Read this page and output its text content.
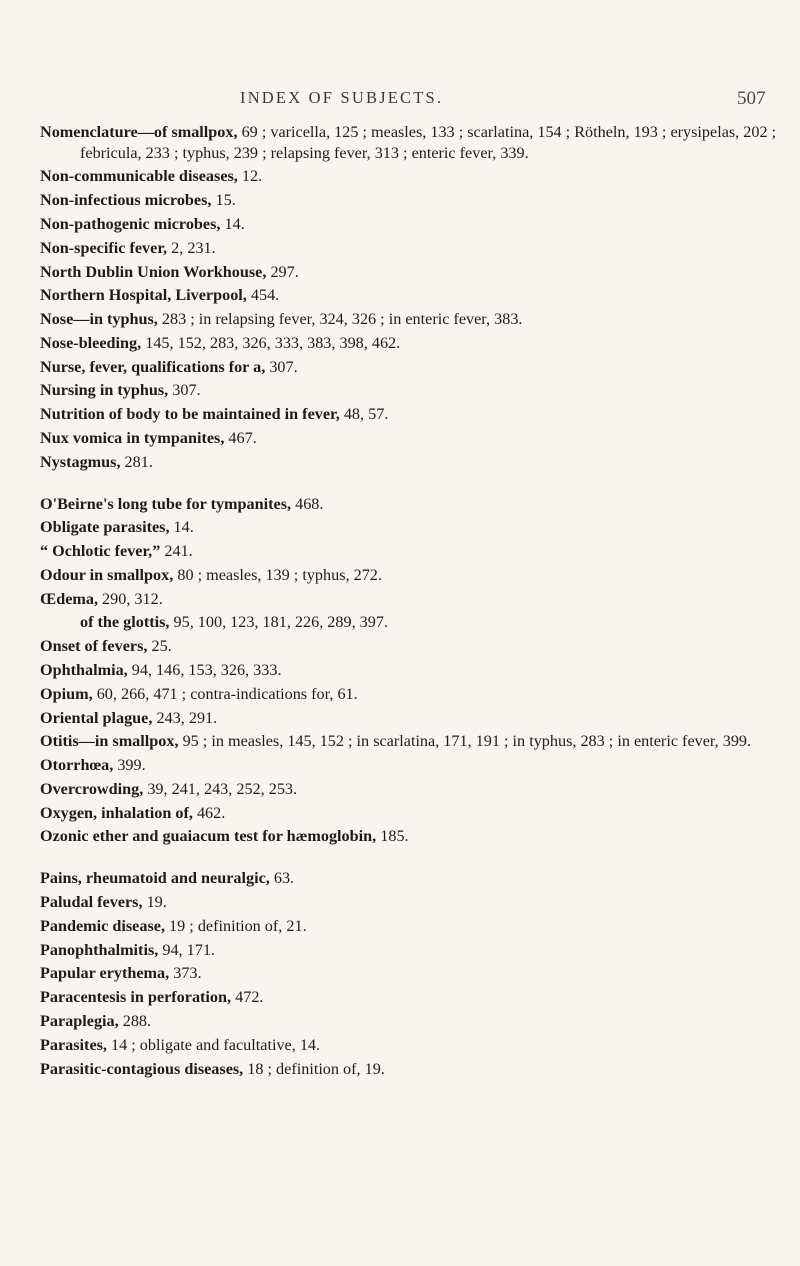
INDEX OF SUBJECTS.	507
Nomenclature—of smallpox, 69 ; varicella, 125 ; measles, 133 ; scarlatina, 154 ; Rötheln, 193 ; erysipelas, 202 ; febricula, 233 ; typhus, 239 ; relapsing fever, 313 ; enteric fever, 339.
Non-communicable diseases, 12.
Non-infectious microbes, 15.
Non-pathogenic microbes, 14.
Non-specific fever, 2, 231.
North Dublin Union Workhouse, 297.
Northern Hospital, Liverpool, 454.
Nose—in typhus, 283 ; in relapsing fever, 324, 326 ; in enteric fever, 383.
Nose-bleeding, 145, 152, 283, 326, 333, 383, 398, 462.
Nurse, fever, qualifications for a, 307.
Nursing in typhus, 307.
Nutrition of body to be maintained in fever, 48, 57.
Nux vomica in tympanites, 467.
Nystagmus, 281.
O'Beirne's long tube for tympanites, 468.
Obligate parasites, 14.
“ Ochlotic fever,” 241.
Odour in smallpox, 80 ; measles, 139 ; typhus, 272.
Œdema, 290, 312.
of the glottis, 95, 100, 123, 181, 226, 289, 397.
Onset of fevers, 25.
Ophthalmia, 94, 146, 153, 326, 333.
Opium, 60, 266, 471 ; contra-indications for, 61.
Oriental plague, 243, 291.
Otitis—in smallpox, 95 ; in measles, 145, 152 ; in scarlatina, 171, 191 ; in typhus, 283 ; in enteric fever, 399.
Otorrhœa, 399.
Overcrowding, 39, 241, 243, 252, 253.
Oxygen, inhalation of, 462.
Ozonic ether and guaiacum test for hæmoglobin, 185.
Pains, rheumatoid and neuralgic, 63.
Paludal fevers, 19.
Pandemic disease, 19 ; definition of, 21.
Panophthalmitis, 94, 171.
Papular erythema, 373.
Paracentesis in perforation, 472.
Paraplegia, 288.
Parasites, 14 ; obligate and facultative, 14.
Parasitic-contagious diseases, 18 ; definition of, 19.
